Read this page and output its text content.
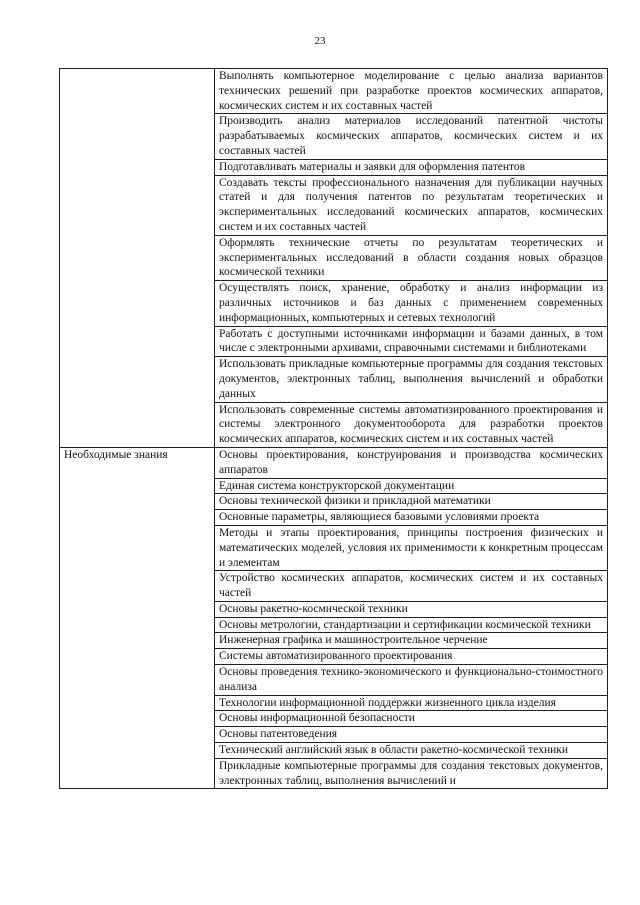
23
	Выполнять компьютерное моделирование с целью анализа вариантов технических решений при разработке проектов космических аппаратов, космических систем и их составных частей
	Производить анализ материалов исследований патентной чистоты разрабатываемых космических аппаратов, космических систем и их составных частей
	Подготавливать материалы и заявки для оформления патентов
	Создавать тексты профессионального назначения для публикации научных статей и для получения патентов по результатам теоретических и экспериментальных исследований космических аппаратов, космических систем и их составных частей
	Оформлять технические отчеты по результатам теоретических и экспериментальных исследований в области создания новых образцов космической техники
	Осуществлять поиск, хранение, обработку и анализ информации из различных источников и баз данных с применением современных информационных, компьютерных и сетевых технологий
	Работать с доступными источниками информации и базами данных, в том числе с электронными архивами, справочными системами и библиотеками
	Использовать прикладные компьютерные программы для создания текстовых документов, электронных таблиц, выполнения вычислений и обработки данных
	Использовать современные системы автоматизированного проектирования и системы электронного документооборота для разработки проектов космических аппаратов, космических систем и их составных частей
Необходимые знания	Основы проектирования, конструирования и производства космических аппаратов
	Единая система конструкторской документации
	Основы технической физики и прикладной математики
	Основные параметры, являющиеся базовыми условиями проекта
	Методы и этапы проектирования, принципы построения физических и математических моделей, условия их применимости к конкретным процессам и элементам
	Устройство космических аппаратов, космических систем и их составных частей
	Основы ракетно-космической техники
	Основы метрологии, стандартизации и сертификации космической техники
	Инженерная графика и машиностроительное черчение
	Системы автоматизированного проектирования
	Основы проведения технико-экономического и функционально-стоимостного анализа
	Технологии информационной поддержки жизненного цикла изделия
	Основы информационной безопасности
	Основы патентоведения
	Технический английский язык в области ракетно-космической техники
	Прикладные компьютерные программы для создания текстовых документов, электронных таблиц, выполнения вычислений и
